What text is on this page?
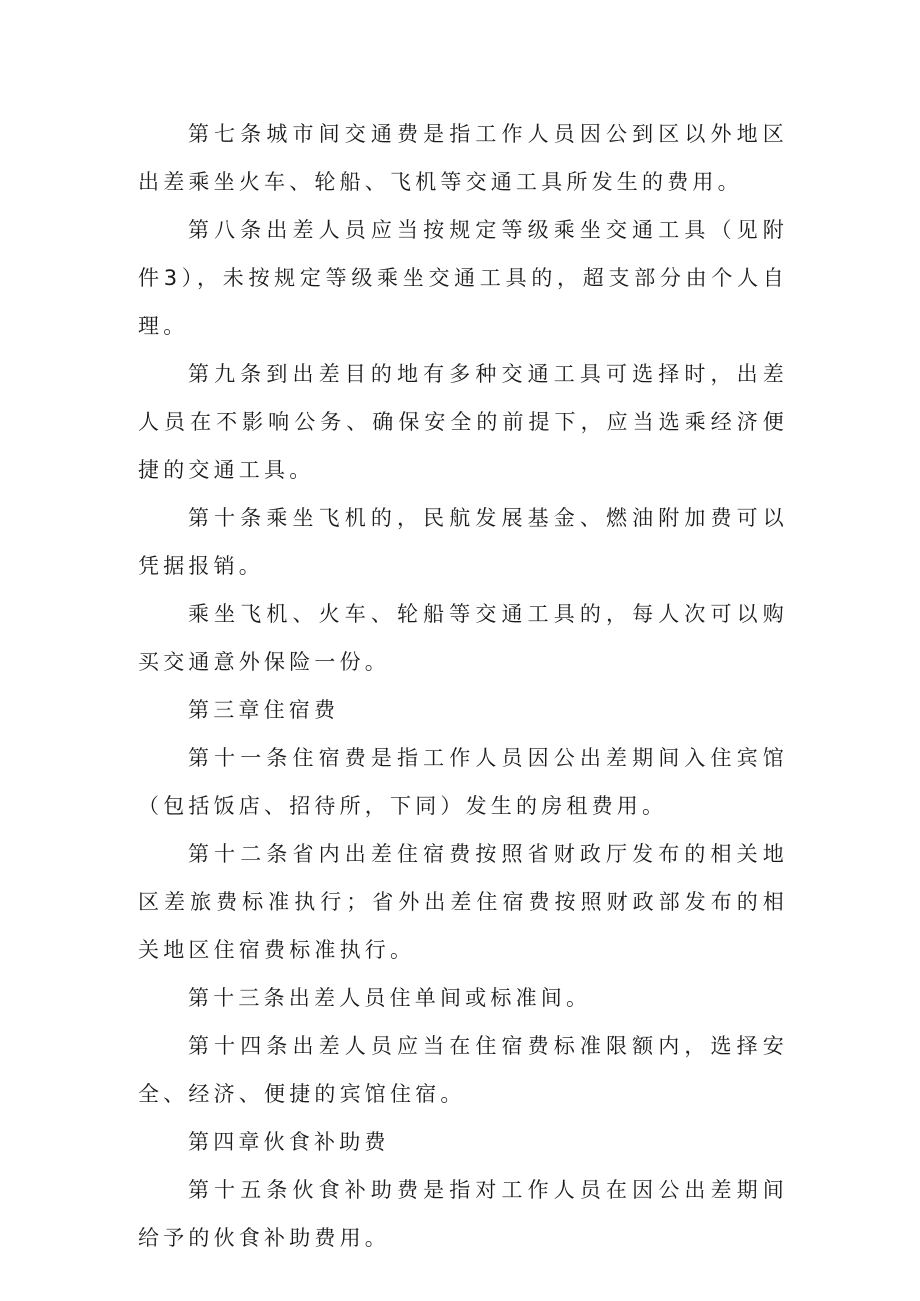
第七条城市间交通费是指工作人员因公到区以外地区出差乘坐火车、轮船、飞机等交通工具所发生的费用。

第八条出差人员应当按规定等级乘坐交通工具（见附件3），未按规定等级乘坐交通工具的，超支部分由个人自理。

第九条到出差目的地有多种交通工具可选择时，出差人员在不影响公务、确保安全的前提下，应当选乘经济便捷的交通工具。

第十条乘坐飞机的，民航发展基金、燃油附加费可以凭据报销。

乘坐飞机、火车、轮船等交通工具的，每人次可以购买交通意外保险一份。

第三章住宿费

第十一条住宿费是指工作人员因公出差期间入住宾馆（包括饭店、招待所，下同）发生的房租费用。

第十二条省内出差住宿费按照省财政厅发布的相关地区差旅费标准执行；省外出差住宿费按照财政部发布的相关地区住宿费标准执行。

第十三条出差人员住单间或标准间。

第十四条出差人员应当在住宿费标准限额内，选择安全、经济、便捷的宾馆住宿。

第四章伙食补助费

第十五条伙食补助费是指对工作人员在因公出差期间给予的伙食补助费用。
